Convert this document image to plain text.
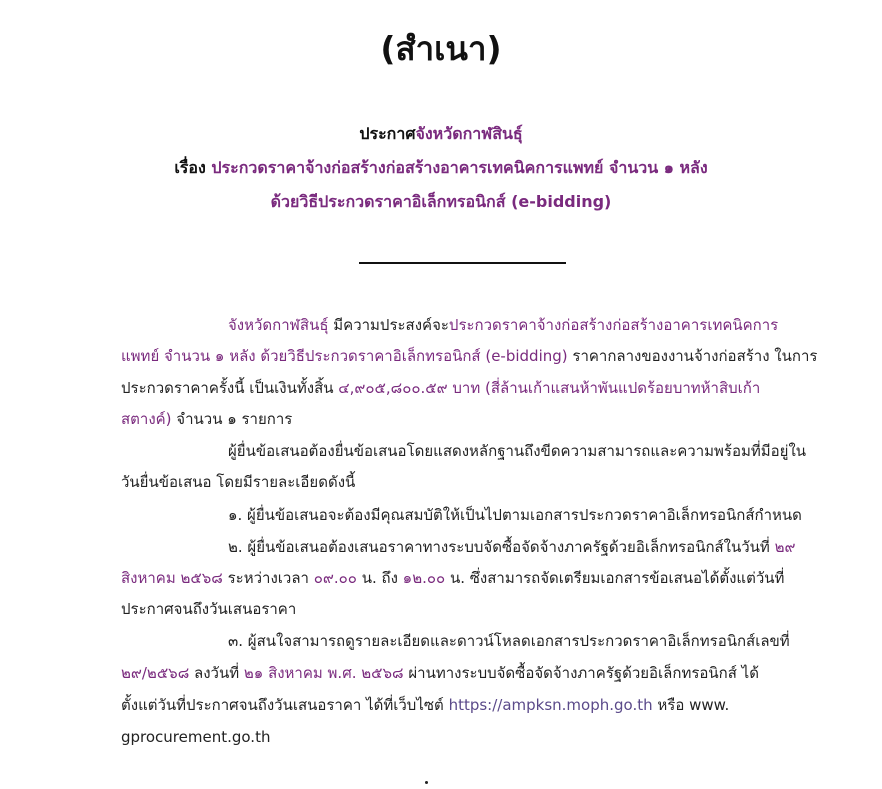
(สำเนา)
ประกาศจังหวัดกาฬสินธุ์
เรื่อง ประกวดราคาจ้างก่อสร้างก่อสร้างอาคารเทคนิคการแพทย์ จำนวน ๑ หลัง
ด้วยวิธีประกวดราคาอิเล็กทรอนิกส์ (e-bidding)
จังหวัดกาฬสินธุ์ มีความประสงค์จะประกวดราคาจ้างก่อสร้างก่อสร้างอาคารเทคนิคการ
แพทย์ จำนวน ๑ หลัง ด้วยวิธีประกวดราคาอิเล็กทรอนิกส์ (e-bidding) ราคากลางของงานจ้างก่อสร้าง ในการ
ประกวดราคาครั้งนี้ เป็นเงินทั้งสิ้น ๔,๙๐๕,๘๐๐.๕๙ บาท (สี่ล้านเก้าแสนห้าพันแปดร้อยบาทห้าสิบเก้า
สตางค์) จำนวน ๑ รายการ
ผู้ยื่นข้อเสนอต้องยื่นข้อเสนอโดยแสดงหลักฐานถึงขีดความสามารถและความพร้อมที่มีอยู่ใน
วันยื่นข้อเสนอ โดยมีรายละเอียดดังนี้
๑. ผู้ยื่นข้อเสนอจะต้องมีคุณสมบัติให้เป็นไปตามเอกสารประกวดราคาอิเล็กทรอนิกส์กำหนด
๒. ผู้ยื่นข้อเสนอต้องเสนอราคาทางระบบจัดซื้อจัดจ้างภาครัฐด้วยอิเล็กทรอนิกส์ในวันที่ ๒๙
สิงหาคม ๒๕๖๘ ระหว่างเวลา ๐๙.๐๐ น. ถึง ๑๒.๐๐ น. ซึ่งสามารถจัดเตรียมเอกสารข้อเสนอได้ตั้งแต่วันที่
ประกาศจนถึงวันเสนอราคา
๓. ผู้สนใจสามารถดูรายละเอียดและดาวน์โหลดเอกสารประกวดราคาอิเล็กทรอนิกส์เลขที่
๒๙/๒๕๖๘ ลงวันที่ ๒๑ สิงหาคม พ.ศ. ๒๕๖๘ ผ่านทางระบบจัดซื้อจัดจ้างภาครัฐด้วยอิเล็กทรอนิกส์ ได้
ตั้งแต่วันที่ประกาศจนถึงวันเสนอราคา ได้ที่เว็บไซต์ https://ampksn.moph.go.th หรือ www.
gprocurement.go.th
